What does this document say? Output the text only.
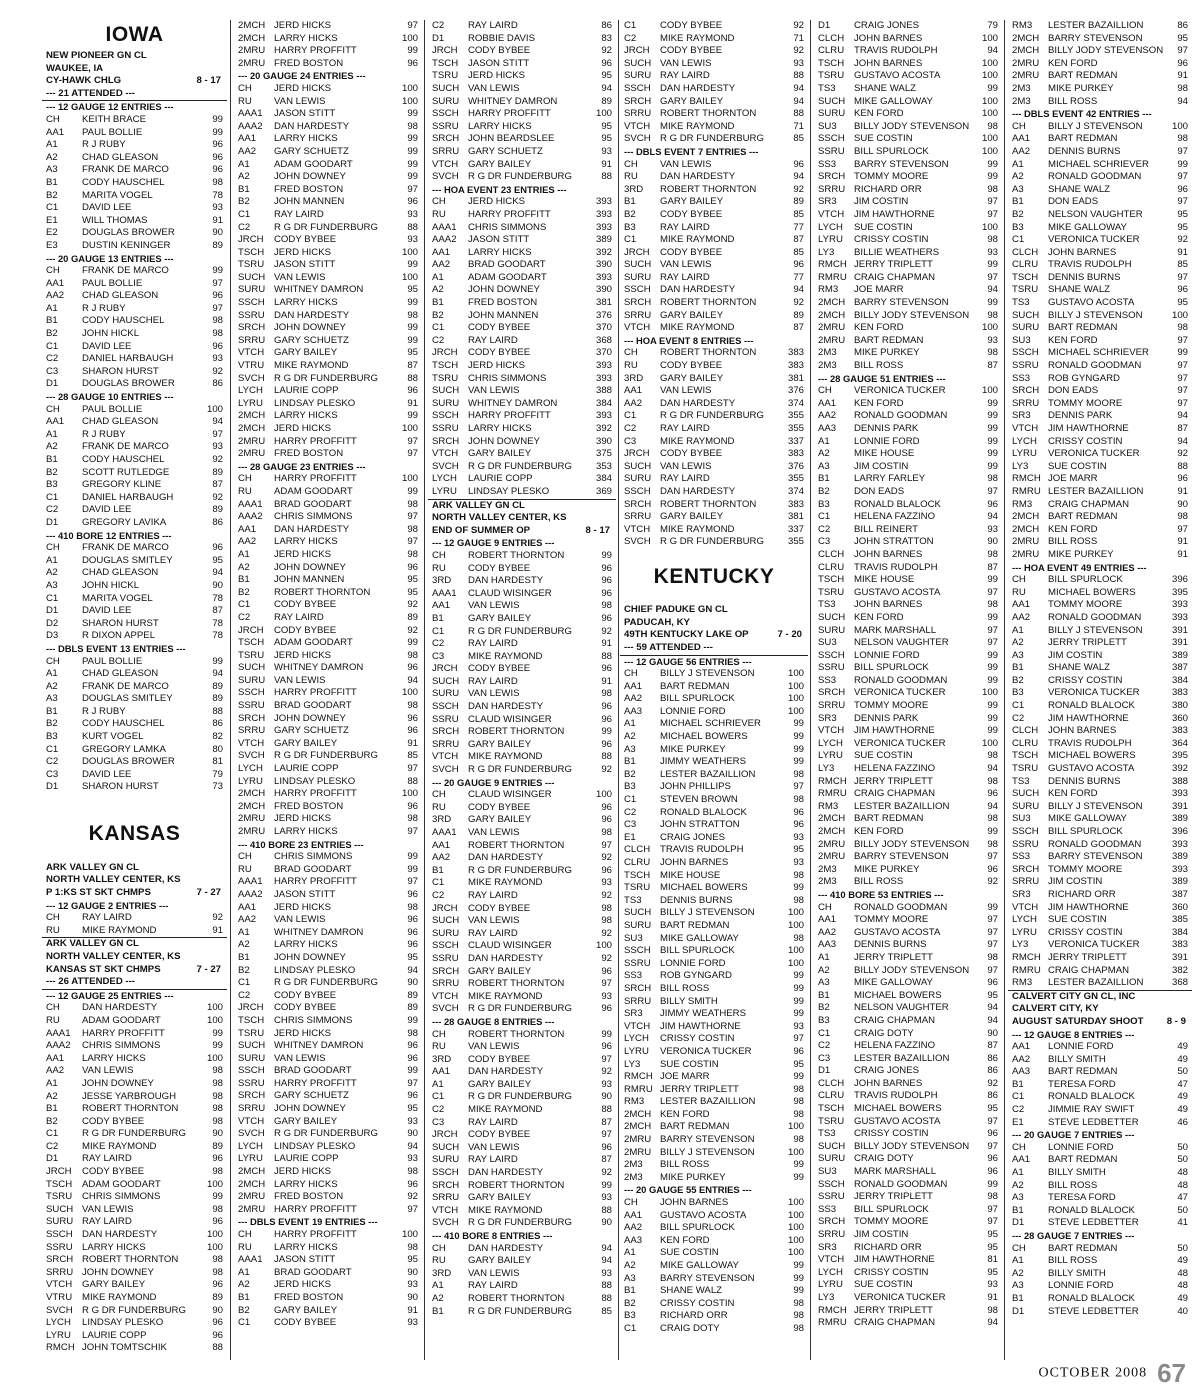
IOWA
NEW PIONEER GN CL
WAUKEE, IA
CY-HAWK CHLG	8 - 17
--- 21 ATTENDED ---
--- 12 GAUGE 12 ENTRIES ---
CH KEITH BRACE	99
AA1 PAUL BOLLIE	99
A1	R J RUBY	96
A2	CHAD GLEASON	96
A3	FRANK DE MARCO	96
B1	CODY HAUSCHEL	98
B2	MARITA VOGEL	78
C1 DAVID LEE	93
E1	WILL THOMAS	91
E2	DOUGLAS BROWER	90
E3	DUSTIN KENINGER	89
--- 20 GAUGE 13 ENTRIES ---
CH FRANK DE MARCO	99
AA1 PAUL BOLLIE	97
AA2 CHAD GLEASON	96
A1	R J RUBY	97
B1	CODY HAUSCHEL	98
B2	JOHN HICKL	98
C1 DAVID LEE	96
C2 DANIEL HARBAUGH	93
C3 SHARON HURST	92
D1 DOUGLAS BROWER	86
--- 28 GAUGE 10 ENTRIES ---
CH PAUL BOLLIE	100
AA1 CHAD GLEASON	94
A1	R J RUBY	97
A2	FRANK DE MARCO	93
B1	CODY HAUSCHEL	92
B2	SCOTT RUTLEDGE	89
B3	GREGORY KLINE	87
C1 DANIEL HARBAUGH	92
C2 DAVID LEE	89
D1 GREGORY LAVIKA	86
--- 410 BORE 12 ENTRIES ---
CH FRANK DE MARCO	96
A1	DOUGLAS SMITLEY	95
A2	CHAD GLEASON	94
A3	JOHN HICKL	90
C1 MARITA VOGEL	78
D1 DAVID LEE	87
D2 SHARON HURST	78
D3 R DIXON APPEL	78
--- DBLS EVENT 13 ENTRIES ---
CH PAUL BOLLIE	99
A1	CHAD GLEASON	94
A2	FRANK DE MARCO	89
A3	DOUGLAS SMITLEY	89
B1	R J RUBY	88
B2	CODY HAUSCHEL	86
B3	KURT VOGEL	82
C1 GREGORY LAMKA	80
C2 DOUGLAS BROWER	81
C3 DAVID LEE	79
D1 SHARON HURST	73
KANSAS
ARK VALLEY GN CL
NORTH VALLEY CENTER, KS
P 1:KS ST SKT CHMPS	7 - 27
--- 12 GAUGE 2 ENTRIES ---
CH RAY LAIRD	92
RU MIKE RAYMOND	91
ARK VALLEY GN CL
NORTH VALLEY CENTER, KS
KANSAS ST SKT CHMPS	7 - 27
--- 26 ATTENDED ---
--- 12 GAUGE 25 ENTRIES ---
CH DAN HARDESTY	100
RU ADAM GOODART	100
AAA1 HARRY PROFFITT	99
AAA2 CHRIS SIMMONS	99
AA1 LARRY HICKS	100
AA2 VAN LEWIS	98
A1	JOHN DOWNEY	98
A2	JESSE YARBROUGH	98
B1	ROBERT THORNTON	98
B2	CODY BYBEE	98
C1 R G DR FUNDERBURG	90
C2 MIKE RAYMOND	89
D1 RAY LAIRD	96
JRCH CODY BYBEE	98
TSCH ADAM GOODART	100
TSRU CHRIS SIMMONS	99
SUCH VAN LEWIS	98
SURU RAY LAIRD	96
SSCH DAN HARDESTY	100
SSRU LARRY HICKS	100
SRCH ROBERT THORNTON	98
SRRU JOHN DOWNEY	98
VTCH GARY BAILEY	96
VTRU MIKE RAYMOND	89
SVCH R G DR FUNDERBURG	90
LYCH LINDSAY PLESKO	96
LYRU LAURIE COPP	96
RMCH JOHN TOMTSCHIK	88
2MCH JERD HICKS	97
2MCH LARRY HICKS	100
2MRU HARRY PROFFITT	99
2MRU FRED BOSTON	96
--- 20 GAUGE 24 ENTRIES ---
CH JERD HICKS	100
RU VAN LEWIS	100
AAA1 JASON STITT	99
AAA2 DAN HARDESTY	98
AA1 LARRY HICKS	99
AA2 GARY SCHUETZ	99
A1	ADAM GOODART	99
A2	JOHN DOWNEY	99
B1	FRED BOSTON	97
B2	JOHN MANNEN	96
C1 RAY LAIRD	93
C2 R G DR FUNDERBURG	88
JRCH CODY BYBEE	93
TSCH JERD HICKS	100
TSRU JASON STITT	99
SUCH VAN LEWIS	100
SURU WHITNEY DAMRON	95
SSCH LARRY HICKS	99
SSRU DAN HARDESTY	98
SRCH JOHN DOWNEY	99
SRRU GARY SCHUETZ	99
VTCH GARY BAILEY	95
VTRU MIKE RAYMOND	87
SVCH R G DR FUNDERBURG	88
LYCH LAURIE COPP	96
LYRU LINDSAY PLESKO	91
2MCH LARRY HICKS	99
2MCH JERD HICKS	100
2MRU HARRY PROFFITT	97
2MRU FRED BOSTON	97
--- 28 GAUGE 23 ENTRIES ---
CH HARRY PROFFITT	100
RU ADAM GOODART	99
AAA1 BRAD GOODART	98
AAA2 CHRIS SIMMONS	97
AA1 DAN HARDESTY	98
AA2 LARRY HICKS	97
A1	JERD HICKS	98
A2	JOHN DOWNEY	96
B1	JOHN MANNEN	95
B2	ROBERT THORNTON	95
C1 CODY BYBEE	92
C2 RAY LAIRD	89
JRCH CODY BYBEE	92
TSCH ADAM GOODART	99
TSRU JERD HICKS	98
SUCH WHITNEY DAMRON	96
SURU VAN LEWIS	94
SSCH HARRY PROFFITT	100
SSRU BRAD GOODART	98
SRCH JOHN DOWNEY	96
SRRU GARY SCHUETZ	96
VTCH GARY BAILEY	91
SVCH R G DR FUNDERBURG	85
LYCH LAURIE COPP	97
LYRU LINDSAY PLESKO	88
2MCH HARRY PROFFITT	100
2MCH FRED BOSTON	96
2MRU JERD HICKS	98
2MRU LARRY HICKS	97
--- 410 BORE 23 ENTRIES ---
CH CHRIS SIMMONS	99
RU BRAD GOODART	99
AAA1 HARRY PROFFITT	97
AAA2 JASON STITT	96
AA1 JERD HICKS	98
AA2 VAN LEWIS	96
A1	WHITNEY DAMRON	96
A2	LARRY HICKS	96
B1	JOHN DOWNEY	95
B2	LINDSAY PLESKO	94
C1 R G DR FUNDERBURG	90
C2 CODY BYBEE	89
JRCH CODY BYBEE	89
TSCH CHRIS SIMMONS	99
TSRU JERD HICKS	98
SUCH WHITNEY DAMRON	96
SURU VAN LEWIS	96
SSCH BRAD GOODART	99
SSRU HARRY PROFFITT	97
SRCH GARY SCHUETZ	96
SRRU JOHN DOWNEY	95
VTCH GARY BAILEY	93
SVCH R G DR FUNDERBURG	90
LYCH LINDSAY PLESKO	94
LYRU LAURIE COPP	93
2MCH JERD HICKS	98
2MCH LARRY HICKS	96
2MRU FRED BOSTON	92
2MRU HARRY PROFFITT	97
--- DBLS EVENT 19 ENTRIES ---
CH HARRY PROFFITT	100
RU LARRY HICKS	98
AAA1 JASON STITT	95
A1	BRAD GOODART	90
A2	JERD HICKS	93
B1	FRED BOSTON	90
B2	GARY BAILEY	91
C1 CODY BYBEE	93
C2 RAY LAIRD	86
D1 ROBBIE DAVIS	83
JRCH CODY BYBEE	92
TSCH JASON STITT	96
TSRU JERD HICKS	95
SUCH VAN LEWIS	94
SURU WHITNEY DAMRON	89
SSCH HARRY PROFFITT	100
SSRU LARRY HICKS	95
SRCH JOHN BEARDSLEE	95
SRRU GARY SCHUETZ	93
VTCH GARY BAILEY	91
SVCH R G DR FUNDERBURG	88
--- HOA EVENT 23 ENTRIES ---
CH JERD HICKS	393
RU HARRY PROFFITT	393
AAA1 CHRIS SIMMONS	393
AAA2 JASON STITT	389
AA1 LARRY HICKS	392
AA2 BRAD GOODART	390
A1	ADAM GOODART	393
A2	JOHN DOWNEY	390
B1	FRED BOSTON	381
B2	JOHN MANNEN	376
C1 CODY BYBEE	370
C2 RAY LAIRD	368
JRCH CODY BYBEE	370
TSCH JERD HICKS	393
TSRU CHRIS SIMMONS	393
SUCH VAN LEWIS	388
SURU WHITNEY DAMRON	384
SSCH HARRY PROFFITT	393
SSRU LARRY HICKS	392
SRCH JOHN DOWNEY	390
VTCH GARY BAILEY	375
SVCH R G DR FUNDERBURG	353
LYCH LAURIE COPP	384
LYRU LINDSAY PLESKO	369
ARK VALLEY GN CL
NORTH VALLEY CENTER, KS
END OF SUMMER OP	8 - 17
--- 12 GAUGE 9 ENTRIES ---
CH ROBERT THORNTON	99
RU CODY BYBEE	96
3RD DAN HARDESTY	96
AAA1 CLAUD WISINGER	96
AA1 VAN LEWIS	98
B1	GARY BAILEY	96
C1 R G DR FUNDERBURG	92
C2 RAY LAIRD	91
C3 MIKE RAYMOND	88
JRCH CODY BYBEE	96
SUCH RAY LAIRD	91
SURU VAN LEWIS	98
SSCH DAN HARDESTY	96
SSRU CLAUD WISINGER	96
SRCH ROBERT THORNTON	99
SRRU GARY BAILEY	96
VTCH MIKE RAYMOND	88
SVCH R G DR FUNDERBURG	92
--- 20 GAUGE 9 ENTRIES ---
CH CLAUD WISINGER	100
RU CODY BYBEE	96
3RD GARY BAILEY	96
AAA1 VAN LEWIS	98
AA1 ROBERT THORNTON	97
AA2 DAN HARDESTY	92
B1	R G DR FUNDERBURG	96
C1 MIKE RAYMOND	93
C2 RAY LAIRD	92
JRCH CODY BYBEE	98
SUCH VAN LEWIS	98
SURU RAY LAIRD	92
SSCH CLAUD WISINGER	100
SSRU DAN HARDESTY	92
SRCH GARY BAILEY	96
SRRU ROBERT THORNTON	97
VTCH MIKE RAYMOND	93
SVCH R G DR FUNDERBURG	96
--- 28 GAUGE 8 ENTRIES ---
CH ROBERT THORNTON	99
RU VAN LEWIS	96
3RD CODY BYBEE	97
AA1 DAN HARDESTY	92
A1	GARY BAILEY	93
C1 R G DR FUNDERBURG	90
C2 MIKE RAYMOND	88
C3 RAY LAIRD	87
JRCH CODY BYBEE	97
SUCH VAN LEWIS	96
SURU RAY LAIRD	87
SSCH DAN HARDESTY	92
SRCH ROBERT THORNTON	99
SRRU GARY BAILEY	93
VTCH MIKE RAYMOND	88
SVCH R G DR FUNDERBURG	90
--- 410 BORE 8 ENTRIES ---
CH DAN HARDESTY	94
RU GARY BAILEY	94
3RD VAN LEWIS	93
A1	RAY LAIRD	88
A2	ROBERT THORNTON	88
B1	R G DR FUNDERBURG	85
C1 CODY BYBEE	92
C2 MIKE RAYMOND	71
JRCH CODY BYBEE	92
SUCH VAN LEWIS	93
SURU RAY LAIRD	88
SSCH DAN HARDESTY	94
SRCH GARY BAILEY	94
SRRU ROBERT THORNTON	88
VTCH MIKE RAYMOND	71
SVCH R G DR FUNDERBURG	85
--- DBLS EVENT 7 ENTRIES ---
CH VAN LEWIS	96
RU DAN HARDESTY	94
3RD ROBERT THORNTON	92
B1	GARY BAILEY	89
B2	CODY BYBEE	85
B3	RAY LAIRD	77
C1 MIKE RAYMOND	87
JRCH CODY BYBEE	85
SUCH VAN LEWIS	96
SURU RAY LAIRD	77
SSCH DAN HARDESTY	94
SRCH ROBERT THORNTON	92
SRRU GARY BAILEY	89
VTCH MIKE RAYMOND	87
--- HOA EVENT 8 ENTRIES ---
CH ROBERT THORNTON	383
RU CODY BYBEE	383
3RD GARY BAILEY	381
AA1 VAN LEWIS	376
AA2 DAN HARDESTY	374
C1 R G DR FUNDERBURG	355
C2 RAY LAIRD	355
C3 MIKE RAYMOND	337
JRCH CODY BYBEE	383
SUCH VAN LEWIS	376
SURU RAY LAIRD	355
SSCH DAN HARDESTY	374
SRCH ROBERT THORNTON	383
SRRU GARY BAILEY	381
VTCH MIKE RAYMOND	337
SVCH R G DR FUNDERBURG	355
KENTUCKY
CHIEF PADUKE GN CL
PADUCAH, KY
49TH KENTUCKY LAKE OP	7 - 20
--- 59 ATTENDED ---
--- 12 GAUGE 56 ENTRIES ---
CH BILLY J STEVENSON	100
AA1 BART REDMAN	100
AA2 BILL SPURLOCK	100
AA3 LONNIE FORD	100
A1	MICHAEL SCHRIEVER	99
A2	MICHAEL BOWERS	99
A3	MIKE PURKEY	99
B1	JIMMY WEATHERS	99
B2	LESTER BAZAILLION	98
B3	JOHN PHILLIPS	97
C1 STEVEN BROWN	98
C2 RONALD BLALOCK	96
C3 JOHN STRATTON	96
E1	CRAIG JONES	93
CLCH TRAVIS RUDOLPH	95
CLRU JOHN BARNES	93
TSCH MIKE HOUSE	98
TSRU MICHAEL BOWERS	99
TS3 DENNIS BURNS	98
SUCH BILLY J STEVENSON	100
SURU BART REDMAN	100
SU3 MIKE GALLOWAY	98
SSCH BILL SPURLOCK	100
SSRU LONNIE FORD	100
SS3 ROB GYNGARD	99
SRCH BILL ROSS	99
SRRU BILLY SMITH	99
SR3 JIMMY WEATHERS	99
VTCH JIM HAWTHORNE	93
LYCH CRISSY COSTIN	97
LYRU VERONICA TUCKER	96
LY3 SUE COSTIN	95
RMCH JOE MARR	99
RMRU JERRY TRIPLETT	98
RM3 LESTER BAZAILLION	98
2MCH KEN FORD	98
2MCH BART REDMAN	100
2MRU BARRY STEVENSON	98
2MRU BILLY J STEVENSON	100
2M3 BILL ROSS	99
2M3 MIKE PURKEY	99
--- 20 GAUGE 55 ENTRIES ---
CH JOHN BARNES	100
AA1 GUSTAVO ACOSTA	100
AA2 BILL SPURLOCK	100
AA3 KEN FORD	100
A1	SUE COSTIN	100
A2	MIKE GALLOWAY	99
A3	BARRY STEVENSON	99
B1	SHANE WALZ	99
B2	CRISSY COSTIN	98
B3	RICHARD ORR	98
C1 CRAIG DOTY	98
D1 CRAIG JONES	79
CLCH JOHN BARNES	100
CLRU TRAVIS RUDOLPH	94
TSCH JOHN BARNES	100
TSRU GUSTAVO ACOSTA	100
TS3 SHANE WALZ	99
SUCH MIKE GALLOWAY	100
SURU KEN FORD	100
SU3 BILLY JODY STEVENSON	98
SSCH SUE COSTIN	100
SSRU BILL SPURLOCK	100
SS3 BARRY STEVENSON	99
SRCH TOMMY MOORE	99
SRRU RICHARD ORR	98
SR3 JIM COSTIN	97
VTCH JIM HAWTHORNE	97
LYCH SUE COSTIN	100
LYRU CRISSY COSTIN	98
LY3 BILLIE WEATHERS	93
RMCH JERRY TRIPLETT	99
RMRU CRAIG CHAPMAN	97
RM3 JOE MARR	94
2MCH BARRY STEVENSON	99
2MCH BILLY JODY STEVENSON	98
2MRU KEN FORD	100
2MRU BART REDMAN	93
2M3 MIKE PURKEY	98
2M3 BILL ROSS	87
--- 28 GAUGE 51 ENTRIES ---
CH VERONICA TUCKER	100
AA1 KEN FORD	99
AA2 RONALD GOODMAN	99
AA3 DENNIS PARK	99
A1	LONNIE FORD	99
A2	MIKE HOUSE	99
A3	JIM COSTIN	99
B1	LARRY FARLEY	98
B2	DON EADS	97
B3	RONALD BLALOCK	96
C1 HELENA FAZZINO	94
C2 BILL REINERT	93
C3 JOHN STRATTON	90
CLCH JOHN BARNES	98
CLRU TRAVIS RUDOLPH	87
TSCH MIKE HOUSE	99
TSRU GUSTAVO ACOSTA	97
TS3 JOHN BARNES	98
SUCH KEN FORD	99
SURU MARK MARSHALL	97
SU3 NELSON VAUGHTER	97
SSCH LONNIE FORD	99
SSRU BILL SPURLOCK	99
SS3 RONALD GOODMAN	99
SRCH VERONICA TUCKER	100
SRRU TOMMY MOORE	99
SR3 DENNIS PARK	99
VTCH JIM HAWTHORNE	99
LYCH VERONICA TUCKER	100
LYRU SUE COSTIN	98
LY3 HELENA FAZZINO	94
RMCH JERRY TRIPLETT	98
RMRU CRAIG CHAPMAN	96
RM3 LESTER BAZAILLION	94
2MCH BART REDMAN	98
2MCH KEN FORD	99
2MRU BILLY JODY STEVENSON	98
2MRU BARRY STEVENSON	97
2M3 MIKE PURKEY	96
2M3 BILL ROSS	92
--- 410 BORE 53 ENTRIES ---
CH RONALD GOODMAN	99
AA1 TOMMY MOORE	97
AA2 GUSTAVO ACOSTA	97
AA3 DENNIS BURNS	97
A1	JERRY TRIPLETT	98
A2	BILLY JODY STEVENSON	97
A3	MIKE GALLOWAY	96
B1	MICHAEL BOWERS	95
B2	NELSON VAUGHTER	94
B3	CRAIG CHAPMAN	94
C1 CRAIG DOTY	90
C2 HELENA FAZZINO	87
C3 LESTER BAZAILLION	86
D1 CRAIG JONES	86
CLCH JOHN BARNES	92
CLRU TRAVIS RUDOLPH	86
TSCH MICHAEL BOWERS	95
TSRU GUSTAVO ACOSTA	97
TS3 CRISSY COSTIN	96
SUCH BILLY JODY STEVENSON	97
SURU CRAIG DOTY	96
SU3 MARK MARSHALL	96
SSCH RONALD GOODMAN	99
SSRU JERRY TRIPLETT	98
SS3 BILL SPURLOCK	97
SRCH TOMMY MOORE	97
SRRU JIM COSTIN	95
SR3 RICHARD ORR	95
VTCH JIM HAWTHORNE	81
LYCH CRISSY COSTIN	95
LYRU SUE COSTIN	93
LY3 VERONICA TUCKER	91
RMCH JERRY TRIPLETT	98
RMRU CRAIG CHAPMAN	94
RM3 LESTER BAZAILLION	86
2MCH BARRY STEVENSON	95
2MCH BILLY JODY STEVENSON	97
2MRU KEN FORD	96
2MRU BART REDMAN	91
2M3 MIKE PURKEY	98
2M3 BILL ROSS	94
--- DBLS EVENT 42 ENTRIES ---
CH BILLY J STEVENSON	100
AA1 BART REDMAN	98
AA2 DENNIS BURNS	97
A1	MICHAEL SCHRIEVER	99
A2	RONALD GOODMAN	97
A3	SHANE WALZ	96
B1	DON EADS	97
B2	NELSON VAUGHTER	95
B3	MIKE GALLOWAY	95
C1 VERONICA TUCKER	92
CLCH JOHN BARNES	91
CLRU TRAVIS RUDOLPH	85
TSCH DENNIS BURNS	97
TSRU SHANE WALZ	96
TS3 GUSTAVO ACOSTA	95
SUCH BILLY J STEVENSON	100
SURU BART REDMAN	98
SU3 KEN FORD	97
SSCH MICHAEL SCHRIEVER	99
SSRU RONALD GOODMAN	97
SS3 ROB GYNGARD	97
SRCH DON EADS	97
SRRU TOMMY MOORE	97
SR3 DENNIS PARK	94
VTCH JIM HAWTHORNE	87
LYCH CRISSY COSTIN	94
LYRU VERONICA TUCKER	92
LY3 SUE COSTIN	88
RMCH JOE MARR	96
RMRU LESTER BAZAILLION	91
RM3 CRAIG CHAPMAN	90
2MCH BART REDMAN	98
2MCH KEN FORD	97
2MRU BILL ROSS	91
2MRU MIKE PURKEY	91
--- HOA EVENT 49 ENTRIES ---
CH BILL SPURLOCK	396
RU MICHAEL BOWERS	395
AA1 TOMMY MOORE	393
AA2 RONALD GOODMAN	393
A1	BILLY J STEVENSON	391
A2	JERRY TRIPLETT	391
A3	JIM COSTIN	389
B1	SHANE WALZ	387
B2	CRISSY COSTIN	384
B3	VERONICA TUCKER	383
C1 RONALD BLALOCK	380
C2 JIM HAWTHORNE	360
CLCH JOHN BARNES	383
CLRU TRAVIS RUDOLPH	364
TSCH MICHAEL BOWERS	395
TSRU GUSTAVO ACOSTA	392
TS3 DENNIS BURNS	388
SUCH KEN FORD	393
SURU BILLY J STEVENSON	391
SU3 MIKE GALLOWAY	389
SSCH BILL SPURLOCK	396
SSRU RONALD GOODMAN	393
SS3 BARRY STEVENSON	389
SRCH TOMMY MOORE	393
SRRU JIM COSTIN	389
SR3 RICHARD ORR	387
VTCH JIM HAWTHORNE	360
LYCH SUE COSTIN	385
LYRU CRISSY COSTIN	384
LY3 VERONICA TUCKER	383
RMCH JERRY TRIPLETT	391
RMRU CRAIG CHAPMAN	382
RM3 LESTER BAZAILLION	368
CALVERT CITY GN CL, INC
CALVERT CITY, KY
AUGUST SATURDAY SHOOT 8 - 9
--- 12 GAUGE 8 ENTRIES ---
AA1 LONNIE FORD	49
AA2 BILLY SMITH	49
AA3 BART REDMAN	50
B1	TERESA FORD	47
C1 RONALD BLALOCK	49
C2 JIMMIE RAY SWIFT	49
E1	STEVE LEDBETTER	46
--- 20 GAUGE 7 ENTRIES ---
CH LONNIE FORD	50
AA1 BART REDMAN	50
A1	BILLY SMITH	48
A2	BILL ROSS	48
A3	TERESA FORD	47
B1	RONALD BLALOCK	50
D1 STEVE LEDBETTER	41
--- 28 GAUGE 7 ENTRIES ---
CH BART REDMAN	50
A1	BILL ROSS	49
A2	BILLY SMITH	48
A3	LONNIE FORD	48
B1	RONALD BLALOCK	49
D1 STEVE LEDBETTER	40
OCTOBER 2008 67
